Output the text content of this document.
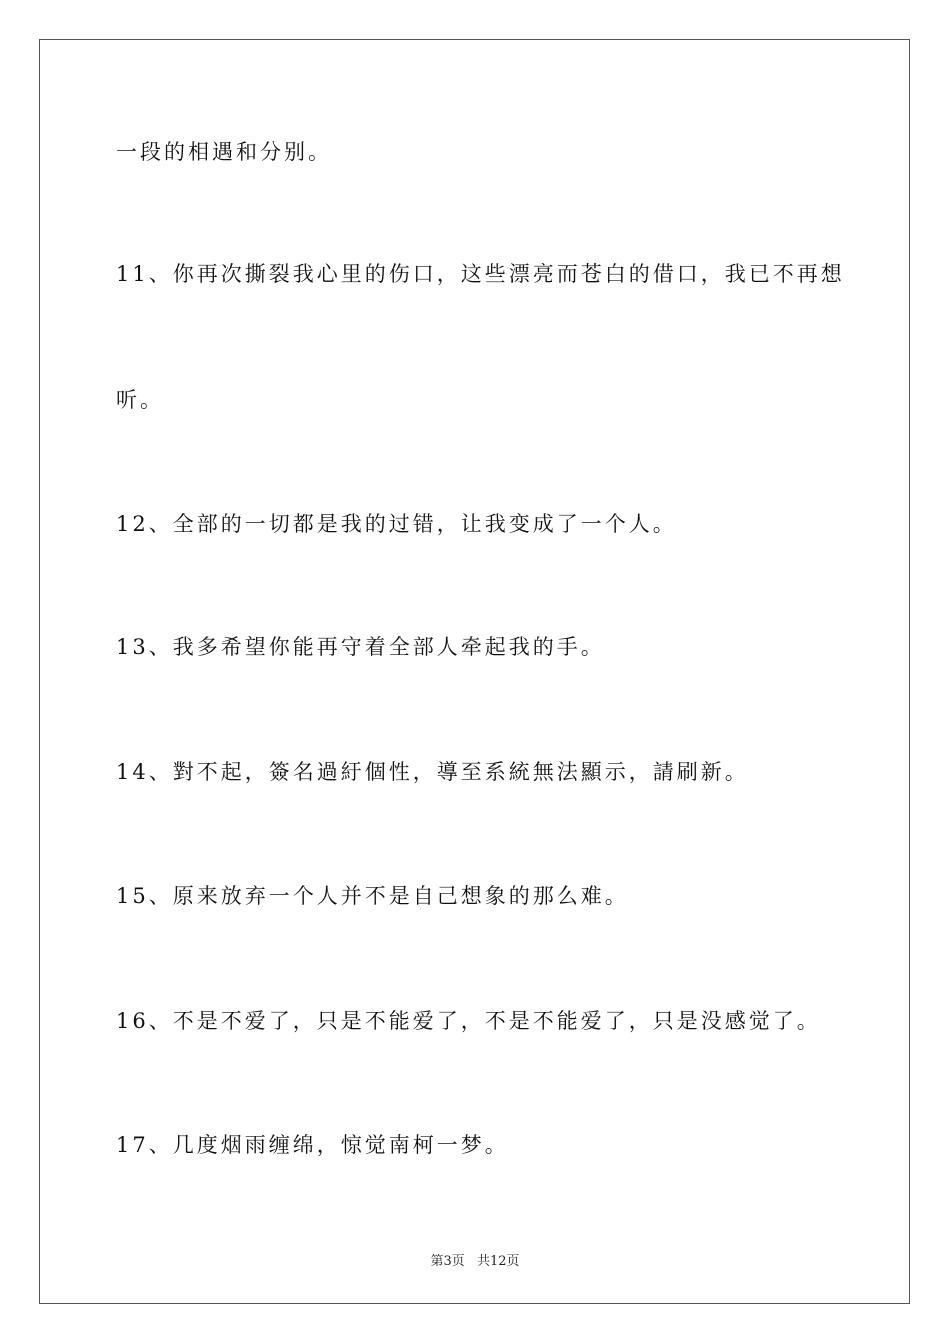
一段的相遇和分别。
11、你再次撕裂我心里的伤口，这些漂亮而苍白的借口，我已不再想
听。
12、全部的一切都是我的过错，让我变成了一个人。
13、我多希望你能再守着全部人牵起我的手。
14、對不起，簽名過紆個性，導至系統無法顯示，請刷新。
15、原来放弃一个人并不是自己想象的那么难。
16、不是不爱了，只是不能爱了，不是不能爱了，只是没感觉了。
17、几度烟雨缠绵，惊觉南柯一梦。
第3页 共12页
